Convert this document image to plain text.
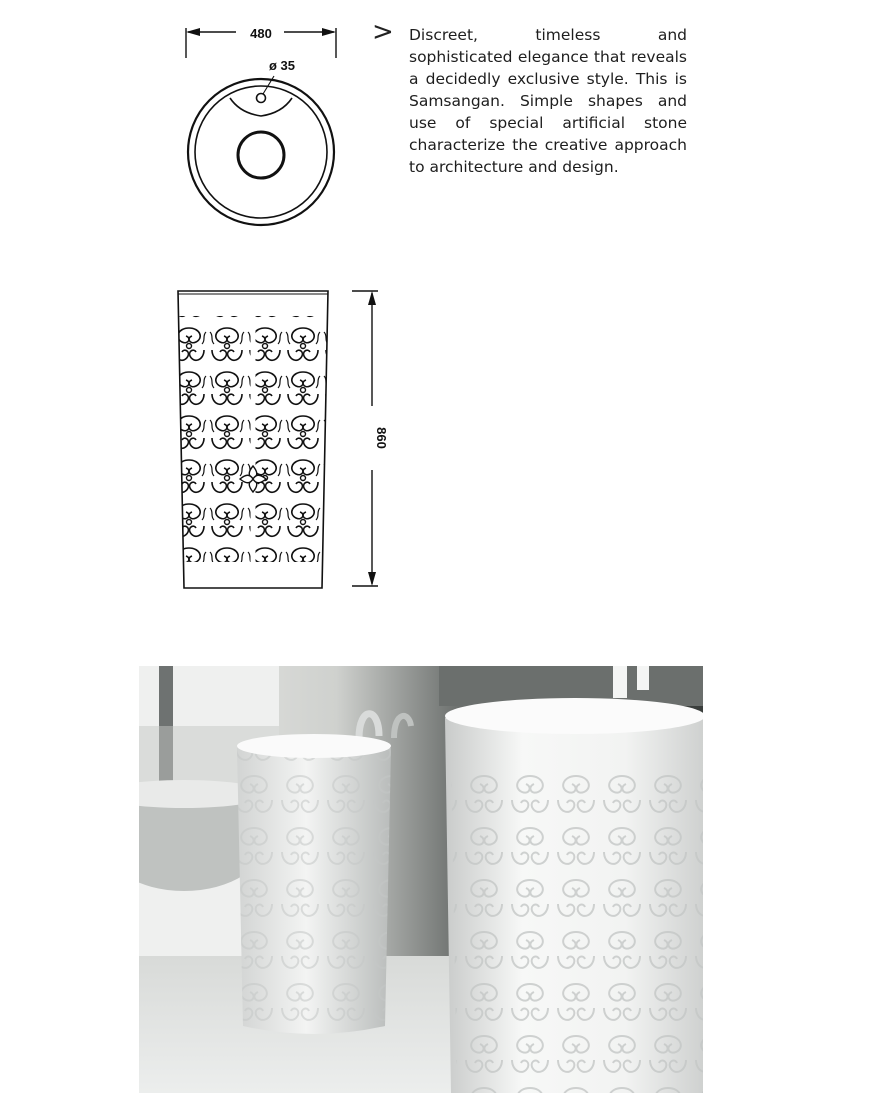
480
ø 35
> Discreet, timeless and sophisticated elegance that reveals a decidedly exclusive style. This is Samsangan. Simple shapes and use of special artificial stone characterize the creative approach to architecture and design.

860
